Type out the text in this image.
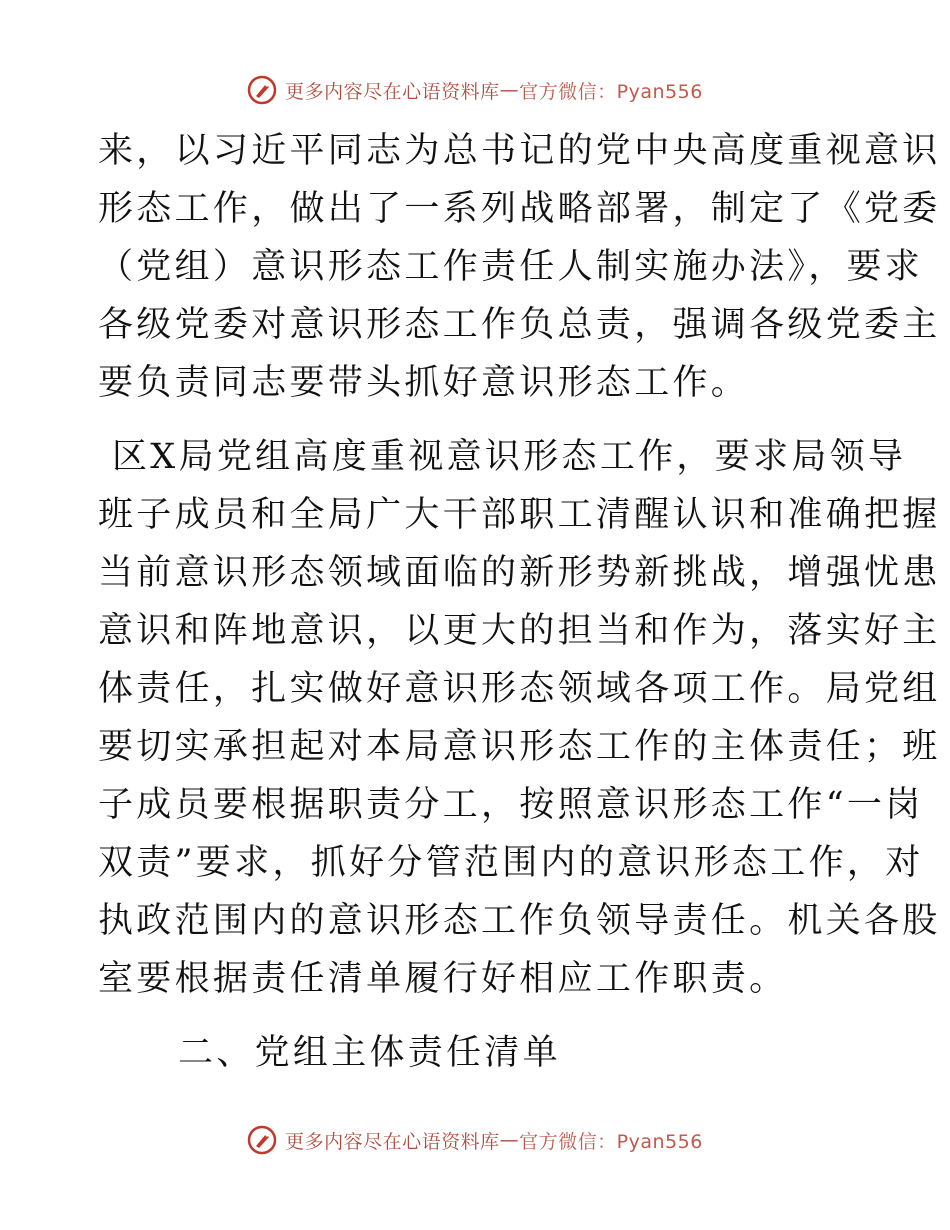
更多内容尽在心语资料库 — 官方微信：Pyan556
来，以习近平同志为总书记的党中央高度重视意识
形态工作，做出了一系列战略部署，制定了《党委
（党组）意识形态工作责任人制实施办法》，要求
各级党委对意识形态工作负总责，强调各级党委主
要负责同志要带头抓好意识形态工作。
区X局党组高度重视意识形态工作，要求局领导
班子成员和全局广大干部职工清醒认识和准确把握
当前意识形态领域面临的新形势新挑战，增强忧患
意识和阵地意识，以更大的担当和作为，落实好主
体责任，扎实做好意识形态领域各项工作。局党组
要切实承担起对本局意识形态工作的主体责任；班
子成员要根据职责分工，按照意识形态工作“一岗
双责”要求，抓好分管范围内的意识形态工作，对
执政范围内的意识形态工作负领导责任。机关各股
室要根据责任清单履行好相应工作职责。
二、党组主体责任清单
更多内容尽在心语资料库 — 官方微信：Pyan556
